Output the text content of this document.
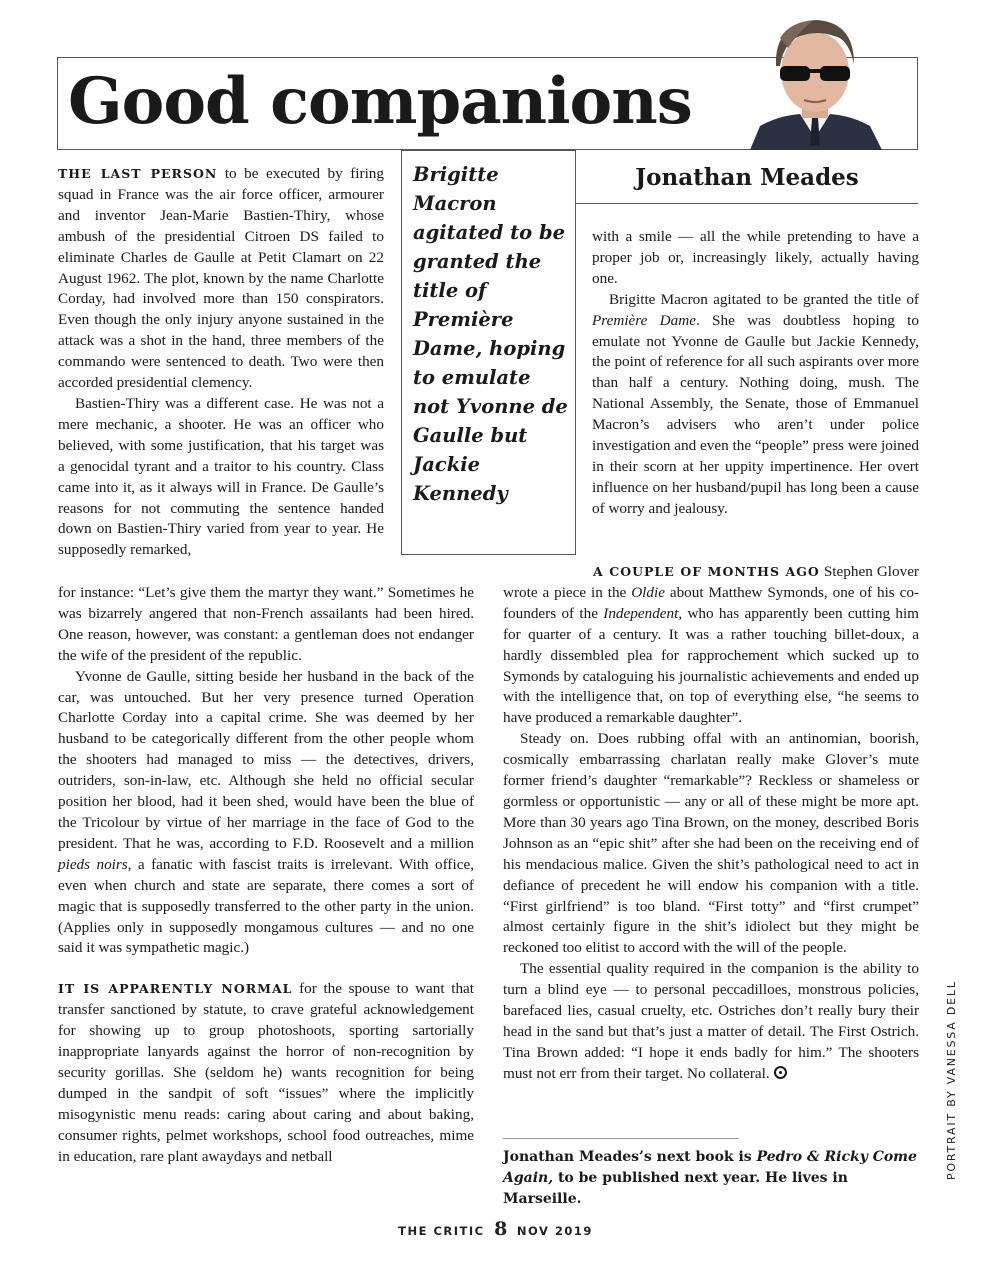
Good companions
Jonathan Meades
Brigitte Macron agitated to be granted the title of Première Dame, hoping to emulate not Yvonne de Gaulle but Jackie Kennedy

THE LAST PERSON to be executed by firing squad in France was the air force officer, armourer and inventor Jean-Marie Bastien-Thiry, whose ambush of the presidential Citroen DS failed to eliminate Charles de Gaulle at Petit Clamart on 22 August 1962. The plot, known by the name Charlotte Corday, had involved more than 150 conspirators. Even though the only injury anyone sustained in the attack was a shot in the hand, three members of the commando were sentenced to death. Two were then accorded presidential clemency.

Bastien-Thiry was a different case. He was not a mere mechanic, a shooter. He was an officer who believed, with some justification, that his target was a genocidal tyrant and a traitor to his country. Class came into it, as it always will in France. De Gaulle’s reasons for not commuting the sentence handed down on Bastien-Thiry varied from year to year. He supposedly remarked,

for instance: “Let’s give them the martyr they want.” Sometimes he was bizarrely angered that non-French assailants had been hired. One reason, however, was constant: a gentleman does not endanger the wife of the president of the republic.

Yvonne de Gaulle, sitting beside her husband in the back of the car, was untouched. But her very presence turned Operation Charlotte Corday into a capital crime. She was deemed by her husband to be categorically different from the other people whom the shooters had managed to miss — the detectives, drivers, outriders, son-in-law, etc. Although she held no official secular position her blood, had it been shed, would have been the blue of the Tricolour by virtue of her marriage in the face of God to the president. That he was, according to F.D. Roosevelt and a million pieds noirs, a fanatic with fascist traits is irrelevant. With office, even when church and state are separate, there comes a sort of magic that is supposedly transferred to the other party in the union. (Applies only in supposedly mongamous cultures — and no one said it was sympathetic magic.)

IT IS APPARENTLY NORMAL for the spouse to want that transfer sanctioned by statute, to crave grateful acknowledgement for showing up to group photoshoots, sporting sartorially inappropriate lanyards against the horror of non-recognition by security gorillas. She (seldom he) wants recognition for being dumped in the sandpit of soft “issues” where the implicitly misogynistic menu reads: caring about caring and about baking, consumer rights, pelmet workshops, school food outreaches, mime in education, rare plant awaydays and netball

with a smile — all the while pretending to have a proper job or, increasingly likely, actually having one.

Brigitte Macron agitated to be granted the title of Première Dame. She was doubtless hoping to emulate not Yvonne de Gaulle but Jackie Kennedy, the point of reference for all such aspirants over more than half a century. Nothing doing, mush. The National Assembly, the Senate, those of Emmanuel Macron’s advisers who aren’t under police investigation and even the “people” press were joined in their scorn at her uppity impertinence. Her overt influence on her husband/pupil has long been a cause of worry and jealousy.

A COUPLE OF MONTHS AGO Stephen Glover wrote a piece in the Oldie about Matthew Symonds, one of his co-founders of the Independent, who has apparently been cutting him for quarter of a century. It was a rather touching billet-doux, a hardly dissembled plea for rapprochement which sucked up to Symonds by cataloguing his journalistic achievements and ended up with the intelligence that, on top of everything else, “he seems to have produced a remarkable daughter”.

Steady on. Does rubbing offal with an antinomian, boorish, cosmically embarrassing charlatan really make Glover’s mute former friend’s daughter “remarkable”? Reckless or shameless or gormless or opportunistic — any or all of these might be more apt. More than 30 years ago Tina Brown, on the money, described Boris Johnson as an “epic shit” after she had been on the receiving end of his mendacious malice. Given the shit’s pathological need to act in defiance of precedent he will endow his companion with a title. “First girlfriend” is too bland. “First totty” and “first crumpet” almost certainly figure in the shit’s idiolect but they might be reckoned too elitist to accord with the will of the people.

The essential quality required in the companion is the ability to turn a blind eye — to personal peccadilloes, monstrous policies, barefaced lies, casual cruelty, etc. Ostriches don’t really bury their head in the sand but that’s just a matter of detail. The First Ostrich. Tina Brown added: “I hope it ends badly for him.” The shooters must not err from their target. No collateral.

Jonathan Meades’s next book is Pedro & Ricky Come Again, to be published next year. He lives in Marseille.
PORTRAIT BY VANESSA DELL
THE CRITIC 8 NOV 2019
